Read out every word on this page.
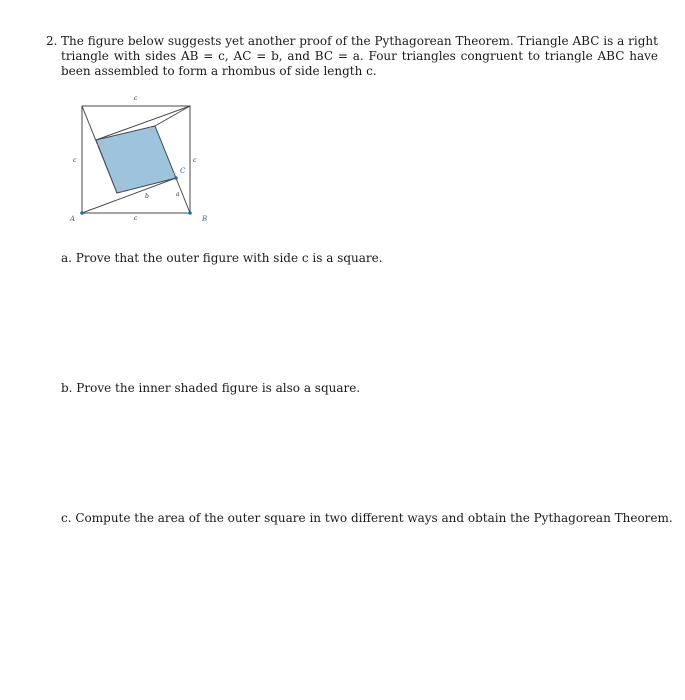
2. The figure below suggests yet another proof of the Pythagorean Theorem. Triangle ABC is a right triangle with sides AB = c, AC = b, and BC = a. Four triangles congruent to triangle ABC have been assembled to form a rhombus of side length c.
c
c	c
c
b	a
A	B
C
a. Prove that the outer figure with side c is a square.
b. Prove the inner shaded figure is also a square.
c. Compute the area of the outer square in two different ways and obtain the Pythagorean Theorem.
